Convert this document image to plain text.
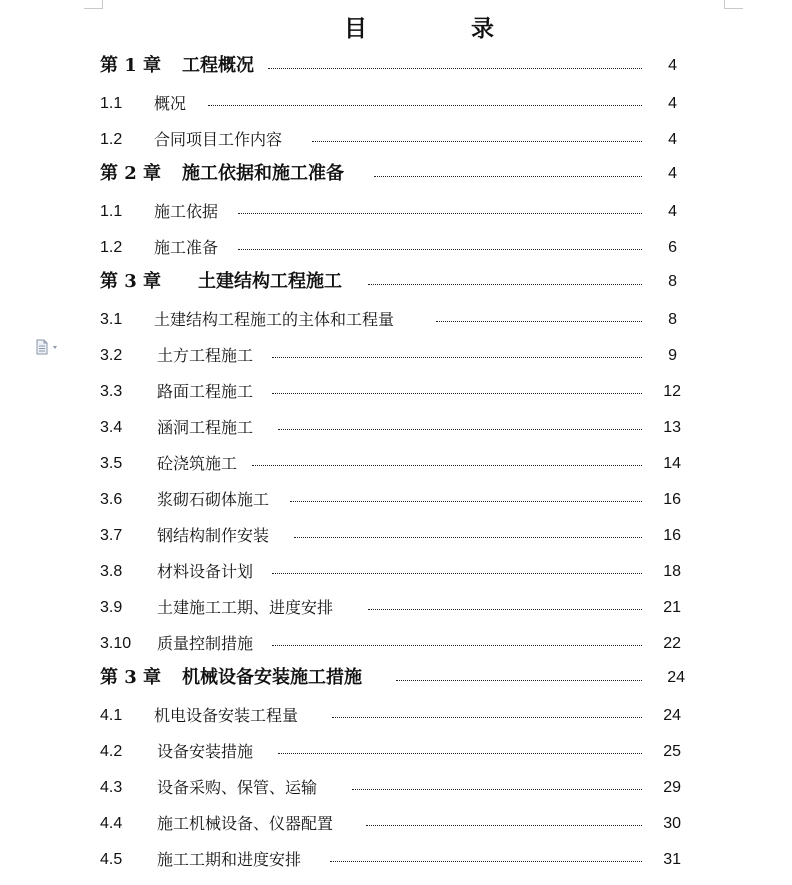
目	录
第 1 章 工程概况	4
1.1 概况	4
1.2 合同项目工作内容	4
第 2 章 施工依据和施工准备	4
1.1 施工依据	4
1.2 施工准备	6
第 3 章 土建结构工程施工	8
3.1 土建结构工程施工的主体和工程量	8
3.2 土方工程施工	9
3.3 路面工程施工	12
3.4 涵洞工程施工	13
3.5 砼浇筑施工	14
3.6 浆砌石砌体施工	16
3.7 钢结构制作安装	16
3.8 材料设备计划	18
3.9 土建施工工期、进度安排	21
3.10 质量控制措施	22
第 3 章 机械设备安装施工措施	24
4.1 机电设备安装工程量	24
4.2 设备安装措施	25
4.3 设备采购、保管、运输	29
4.4 施工机械设备、仪器配置	30
4.5 施工工期和进度安排	31
